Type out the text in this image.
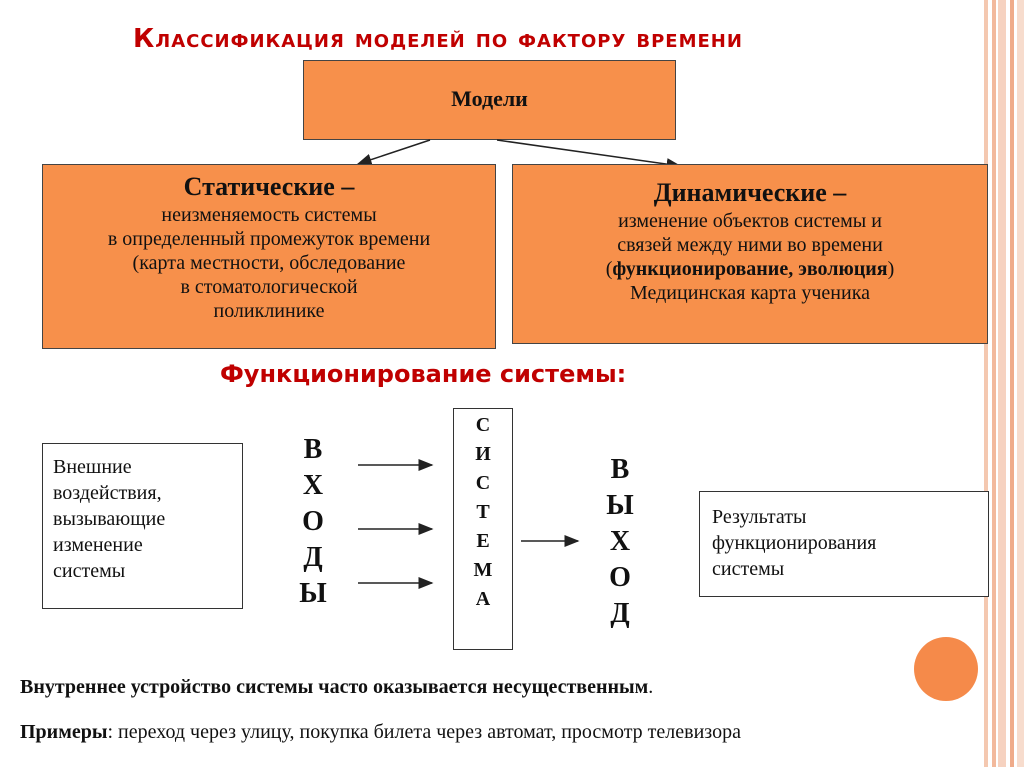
Классификация моделей по фактору времени
Модели
Статические –
неизменяемость системы
в определенный промежуток времени
(карта местности, обследование
в стоматологической
поликлинике
Динамические –
изменение объектов системы и
связей между ними во времени
(функционирование, эволюция)
Медицинская карта ученика
Функционирование системы:
Внешние
воздействия,
вызывающие
изменение
системы
В
Х
О
Д
Ы
С
И
С
Т
Е
М
А
В
Ы
Х
О
Д
Результаты
функционирования
системы
Внутреннее устройство системы часто оказывается несущественным.
Примеры: переход через улицу, покупка билета через автомат, просмотр телевизора
